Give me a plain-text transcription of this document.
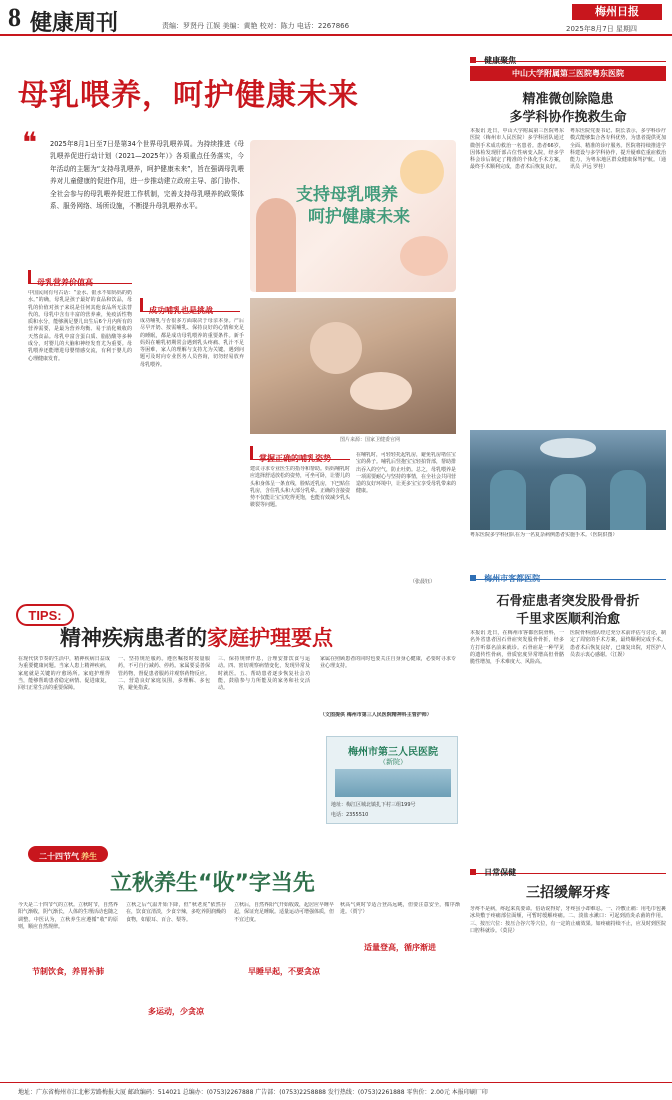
8 健康周刊	责编：罗贤丹 江娱 美编：黄艳 校对：陈力 电话：2267866
梅州日报
2025年8月7日 星期四
母乳喂养，呵护健康未来
❝ 2025年8月1日至7日是第34个世界母乳喂养周。为持续推进《母乳喂养促进行动计划（2021—2025年）》各项重点任务落实，今年活动的主题为“支持母乳喂养，呵护健康未来”，旨在强调母乳喂养对儿童健康的促进作用，进一步推动建立政府主导、部门协作、全社会参与的母乳喂养促进工作机制，完善支持母乳喂养的政策体系、服务网络、场所设施，不断提升母乳喂养水平。
支持母乳喂养
呵护健康未来
母乳营养价值高
成功哺乳也是挑战
中国民间有句古话：“金水、银水不如妈妈的奶水。”的确，母乳是孩子最好的食品和饮品，母乳的价值对孩子来说是任何其他食品所无法替代的。母乳中含有丰富的营养素，免疫活性物质和水分，能够满足婴儿出生后6个月内所有的营养需要，是最为营养均衡、易于消化吸收的天然食品。母乳中富含蛋白质、脂肪酸等多种成分，对婴儿的大脑和神经发育尤为重要。母乳喂养还能增进母婴情感交流，有利于婴儿的心理健康发育。
成功哺乳与否很多方面取决于母亲本身。产后尽早开奶、按需哺乳、保持良好的心情和充足的睡眠，都是成功母乳喂养的重要条件。新手妈妈在哺乳初期常会遇到乳头疼痛、乳汁不足等困难，家人的理解与支持尤为关键。遇到问题可及时向专业医务人员咨询，切勿轻易放弃母乳喂养。
图片来源：国家卫健委官网
掌握正确的哺乳姿势
建议寻求专业医生的指导和帮助。妈妈哺乳时应选择舒适放松的姿势，可坐可卧，让婴儿的头和身体呈一条直线，脸贴近乳房，下巴贴住乳房，含住乳头和大部分乳晕。正确的含接姿势不仅能让宝宝吃得更饱，也能有效减少乳头皲裂等问题。
在哺乳时，可轻轻托起乳房，避免乳房堵住宝宝的鼻子。哺乳后竖抱宝宝轻拍背部，帮助排出吞入的空气，防止吐奶。总之，母乳喂养是一项需要耐心与坚持的事情，在全社会共同营造的友好环境中，让更多宝宝享受母乳带来的健康。
（张晨钰）
健康聚焦
中山大学附属第三医院粤东医院
精准微创除隐患
多学科协作挽救生命
本报讯 近日，中山大学附属第三医院粤东医院（梅州市人民医院）多学科团队通过微创手术成功救治一名患者。患者66岁，因体检发现肝部占位性病变入院，经多学科会诊后制定了精准的个体化手术方案，最终手术顺利完成，患者术后恢复良好。
粤东医院党委书记、院长表示，多学科诊疗模式能够集合各专科优势，为患者提供更加全面、精准的诊疗服务。医院将持续推进学科建设与多学科协作，提升疑难危重症救治能力，为粤东地区群众健康保驾护航。（通讯员 尹远 罗桂）
粤东医院多学科团队在为一名复杂病例患者实施手术。（医院供图）
梅州市客都医院
石骨症患者突发股骨骨折
千里求医顺利治愈
本报讯 近日，在梅州市客都医院骨科，一名外省患者因石骨症突发股骨骨折，经多方打听慕名前来就诊。石骨症是一种罕见的遗传性骨病，骨质密度异常增高但骨骼脆性增加，手术难度大、风险高。
医院骨科团队经过充分术前评估与讨论，制定了周密的手术方案，最终顺利完成手术。患者术后恢复良好，已康复出院，对医护人员表示衷心感谢。（江娱）
TIPS:
精神疾病患者的家庭护理要点
在现代快节奏的生活中，精神疾病日益成为重要健康问题。当家人患上精神疾病，家庭就是关键的疗愈场所。家庭护理得当，能够帮助患者稳定病情、促进康复，回归正常生活的重要保障。
一、坚持规范服药。遵医嘱按时按量服药，不可自行减药、停药。家属要妥善保管药物，督促患者服药并观察药物反应。二、营造良好家庭氛围，多理解、多包容，避免指责。
三、保持规律作息，合理安排饮食与运动。四、密切观察病情变化，发现异常及时就医。五、帮助患者逐步恢复社会功能，鼓励参与力所能及的家务和社交活动。
家属在照顾患者的同时也要关注自身身心健康，必要时寻求专业心理支持。
（文图提供 梅州市第三人民医院精神科主管护师）
梅州市第三人民医院
（新院）
地址：梅江区城北镇扎下村三组199号
电话：2355510
二十四节气 养生
立秋养生“收”字当先
今天是二十四节气的立秋。立秋时节，自然界阳气渐收，阴气渐长，人体的生理活动也随之调整。中医认为，立秋养生应遵循“收”的原则，顺应自然规律。
节制饮食，养胃补肺
立秋之后气温开始下降，但“秋老虎”依然存在，饮食宜清淡，少食辛辣，多吃养阴润燥的食物，如银耳、百合、梨等。
多运动，少贪凉
早睡早起，不要贪凉
立秋后，自然界阳气开始收敛，起居应早睡早起，保证充足睡眠。适量运动可增强体质，但不宜过度。
适量登高，循序渐进
秋高气爽时节适合登高远眺，但要注意安全，循序渐进。（贾宁）
日常保健
三招缓解牙疼
牙疼不是病，疼起来真要命。俗话说得好，牙疼虽小却难忍。一、冷敷止痛：用毛巾包裹冰块敷于疼痛部位面颊，可暂时缓解疼痛。二、淡盐水漱口：可起到消炎杀菌的作用。三、按压穴位：按压合谷穴等穴位，有一定的止痛效果。如疼痛持续不止，应及时到医院口腔科就诊。（莫昆）
地址：广东省梅州市江北彬芳路梅报大厦 邮政编码：514021 总编办：(0753)2267888 广告部：(0753)2258888 发行热线：(0753)2261888 零售价：2.00元 本报印刷厂印
